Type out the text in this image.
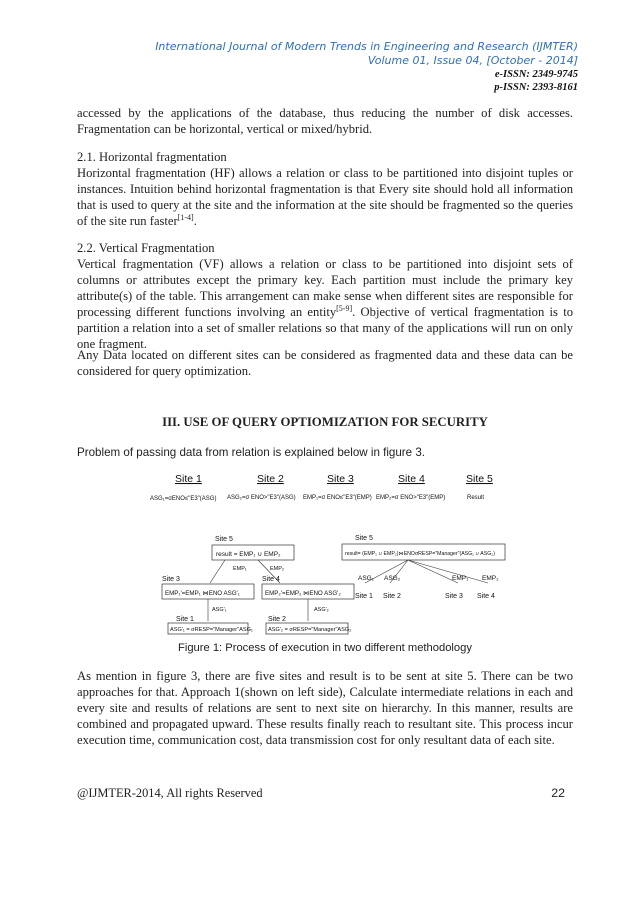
International Journal of Modern Trends in Engineering and Research (IJMTER)
Volume 01, Issue 04, [October - 2014]
e-ISSN: 2349-9745
p-ISSN: 2393-8161

accessed by the applications of the database, thus reducing the number of disk accesses. Fragmentation can be horizontal, vertical or mixed/hybrid.

2.1. Horizontal fragmentation

Horizontal fragmentation (HF) allows a relation or class to be partitioned into disjoint tuples or instances. Intuition behind horizontal fragmentation is that Every site should hold all information that is used to query at the site and the information at the site should be fragmented so the queries of the site run faster[1-4].

2.2. Vertical Fragmentation

Vertical fragmentation (VF) allows a relation or class to be partitioned into disjoint sets of columns or attributes except the primary key. Each partition must include the primary key attribute(s) of the table. This arrangement can make sense when different sites are responsible for processing different functions involving an entity[5-9]. Objective of vertical fragmentation is to partition a relation into a set of smaller relations so that many of the applications will run on only one fragment.

Any Data located on different sites can be considered as fragmented data and these data can be considered for query optimization.

III. USE OF QUERY OPTIOMIZATION FOR SECURITY
Problem of passing data from relation is explained below in figure 3.
Site 1	Site 2	Site 3	Site 4	Site 5
ASG₁=σENO≤"E3"(ASG) ASG₂=σ ENO>"E3"(ASG) EMP₁=σ ENO≤"E3"(EMP) EMP₂=σ ENO>"E3"(EMP)	Result
Site 5
result = EMP₁ ∪ EMP₂
EMP₁	EMP₂
Site 3	Site 4
EMP₁'=EMP₁ ⋈ENO ASG'₁	EMP₂'=EMP₂ ⋈ENO ASG'₂
ASG'₁	ASG'₂
Site 1	Site 2
ASG'₁ = σRESP="Manager"ASG₁	ASG'₂ = σRESP="Manager"ASG₂
Site 5
result= (EMP₁ ∪ EMP₂)⋈ENOσRESP="Manager"(ASG₁ ∪ ASG₂)
ASG₁ ASG₂	EMP₁ EMP₂
Site 1 Site 2	Site 3 Site 4
Figure 1: Process of execution in two different methodology

As mention in figure 3, there are five sites and result is to be sent at site 5. There can be two approaches for that. Approach 1(shown on left side), Calculate intermediate relations in each and every site and results of relations are sent to next site on hierarchy. In this manner, results are combined and propagated upward. These results finally reach to resultant site. This process incur execution time, communication cost, data transmission cost for only resultant data of each site.

@IJMTER-2014, All rights Reserved	22
